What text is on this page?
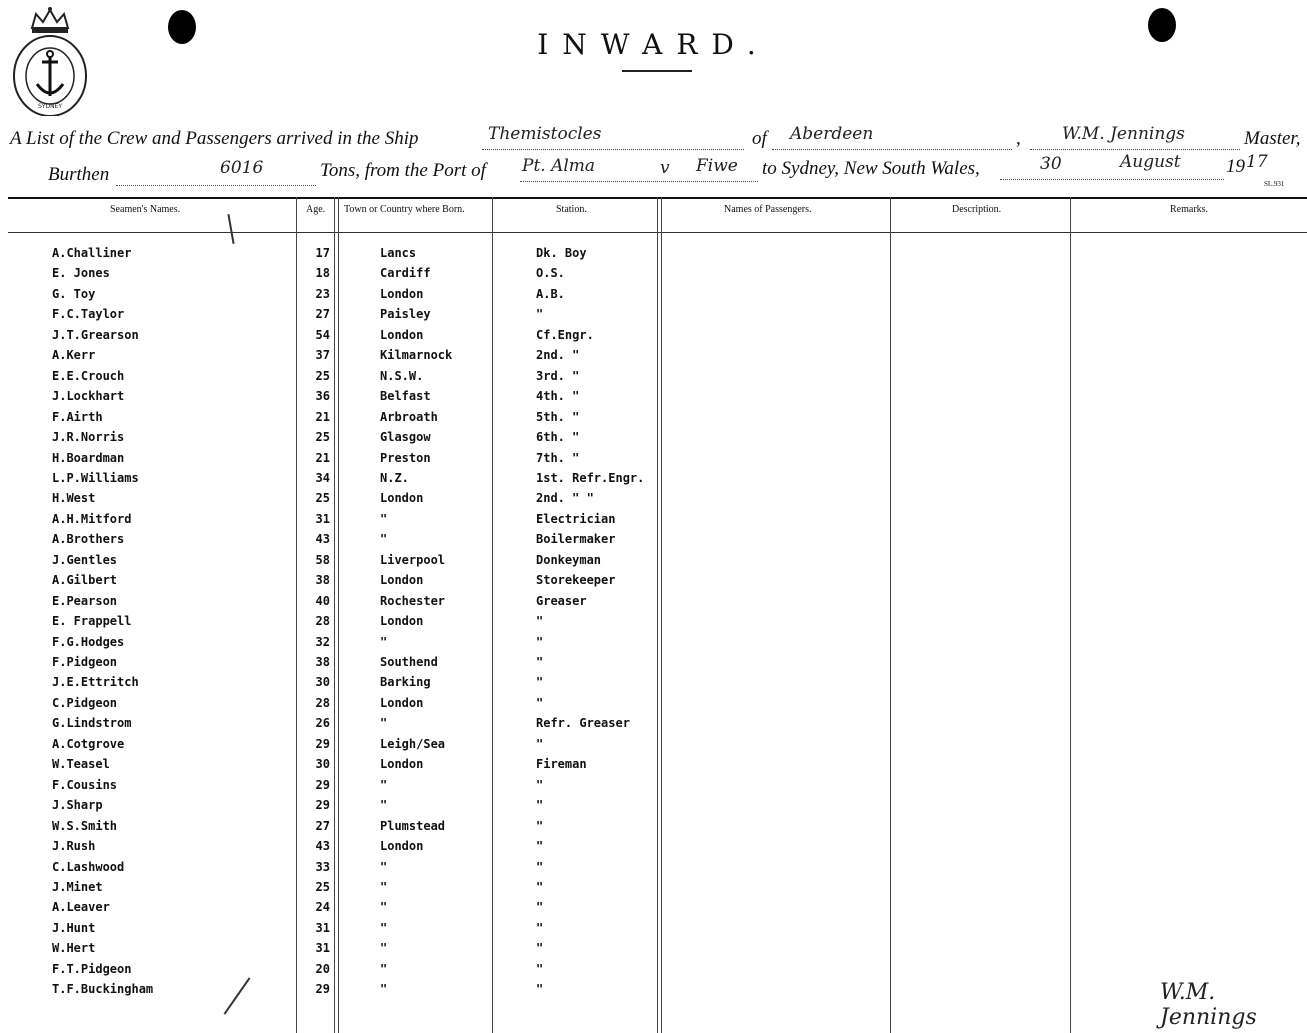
SYDNEY
INWARD.
A List of the Crew and Passengers arrived in the Ship	Themistocles	of Aberdeen	, W.M. Jennings	Master,
Burthen	6016	Tons, from the Port of Pt. Alma	v Fiwe to Sydney, New South Wales,	30	August 19 17
SL.931
Seamen's Names.	Age. Town or Country where Born.	Station.	Names of Passengers.	Description.	Remarks.
A.Challiner	17	Lancs	Dk. Boy
E. Jones	18	Cardiff	O.S.
G. Toy	23	London	A.B.
F.C.Taylor	27	Paisley	"
J.T.Grearson	54	London	Cf.Engr.
A.Kerr	37	Kilmarnock	2nd. "
E.E.Crouch	25	N.S.W.	3rd. "
J.Lockhart	36	Belfast	4th. "
F.Airth	21	Arbroath	5th. "
J.R.Norris	25	Glasgow	6th. "
H.Boardman	21	Preston	7th. "
L.P.Williams	34	N.Z.	1st. Refr.Engr.
H.West	25	London	2nd. " "
A.H.Mitford	31	"	Electrician
A.Brothers	43	"	Boilermaker
J.Gentles	58	Liverpool	Donkeyman
A.Gilbert	38	London	Storekeeper
E.Pearson	40	Rochester	Greaser
E. Frappell	28	London	"
F.G.Hodges	32	"	"
F.Pidgeon	38	Southend	"
J.E.Ettritch	30	Barking	"
C.Pidgeon	28	London	"
G.Lindstrom	26	"	Refr. Greaser
A.Cotgrove	29	Leigh/Sea	"
W.Teasel	30	London	Fireman
F.Cousins	29	"	"
J.Sharp	29	"	"
W.S.Smith	27	Plumstead	"
J.Rush	43	London	"
C.Lashwood	33	"	"
J.Minet	25	"	"
A.Leaver	24	"	"
J.Hunt	31	"	"
W.Hert	31	"	"
F.T.Pidgeon	20	"	"
T.F.Buckingham	29	"	"	W.M. Jennings
